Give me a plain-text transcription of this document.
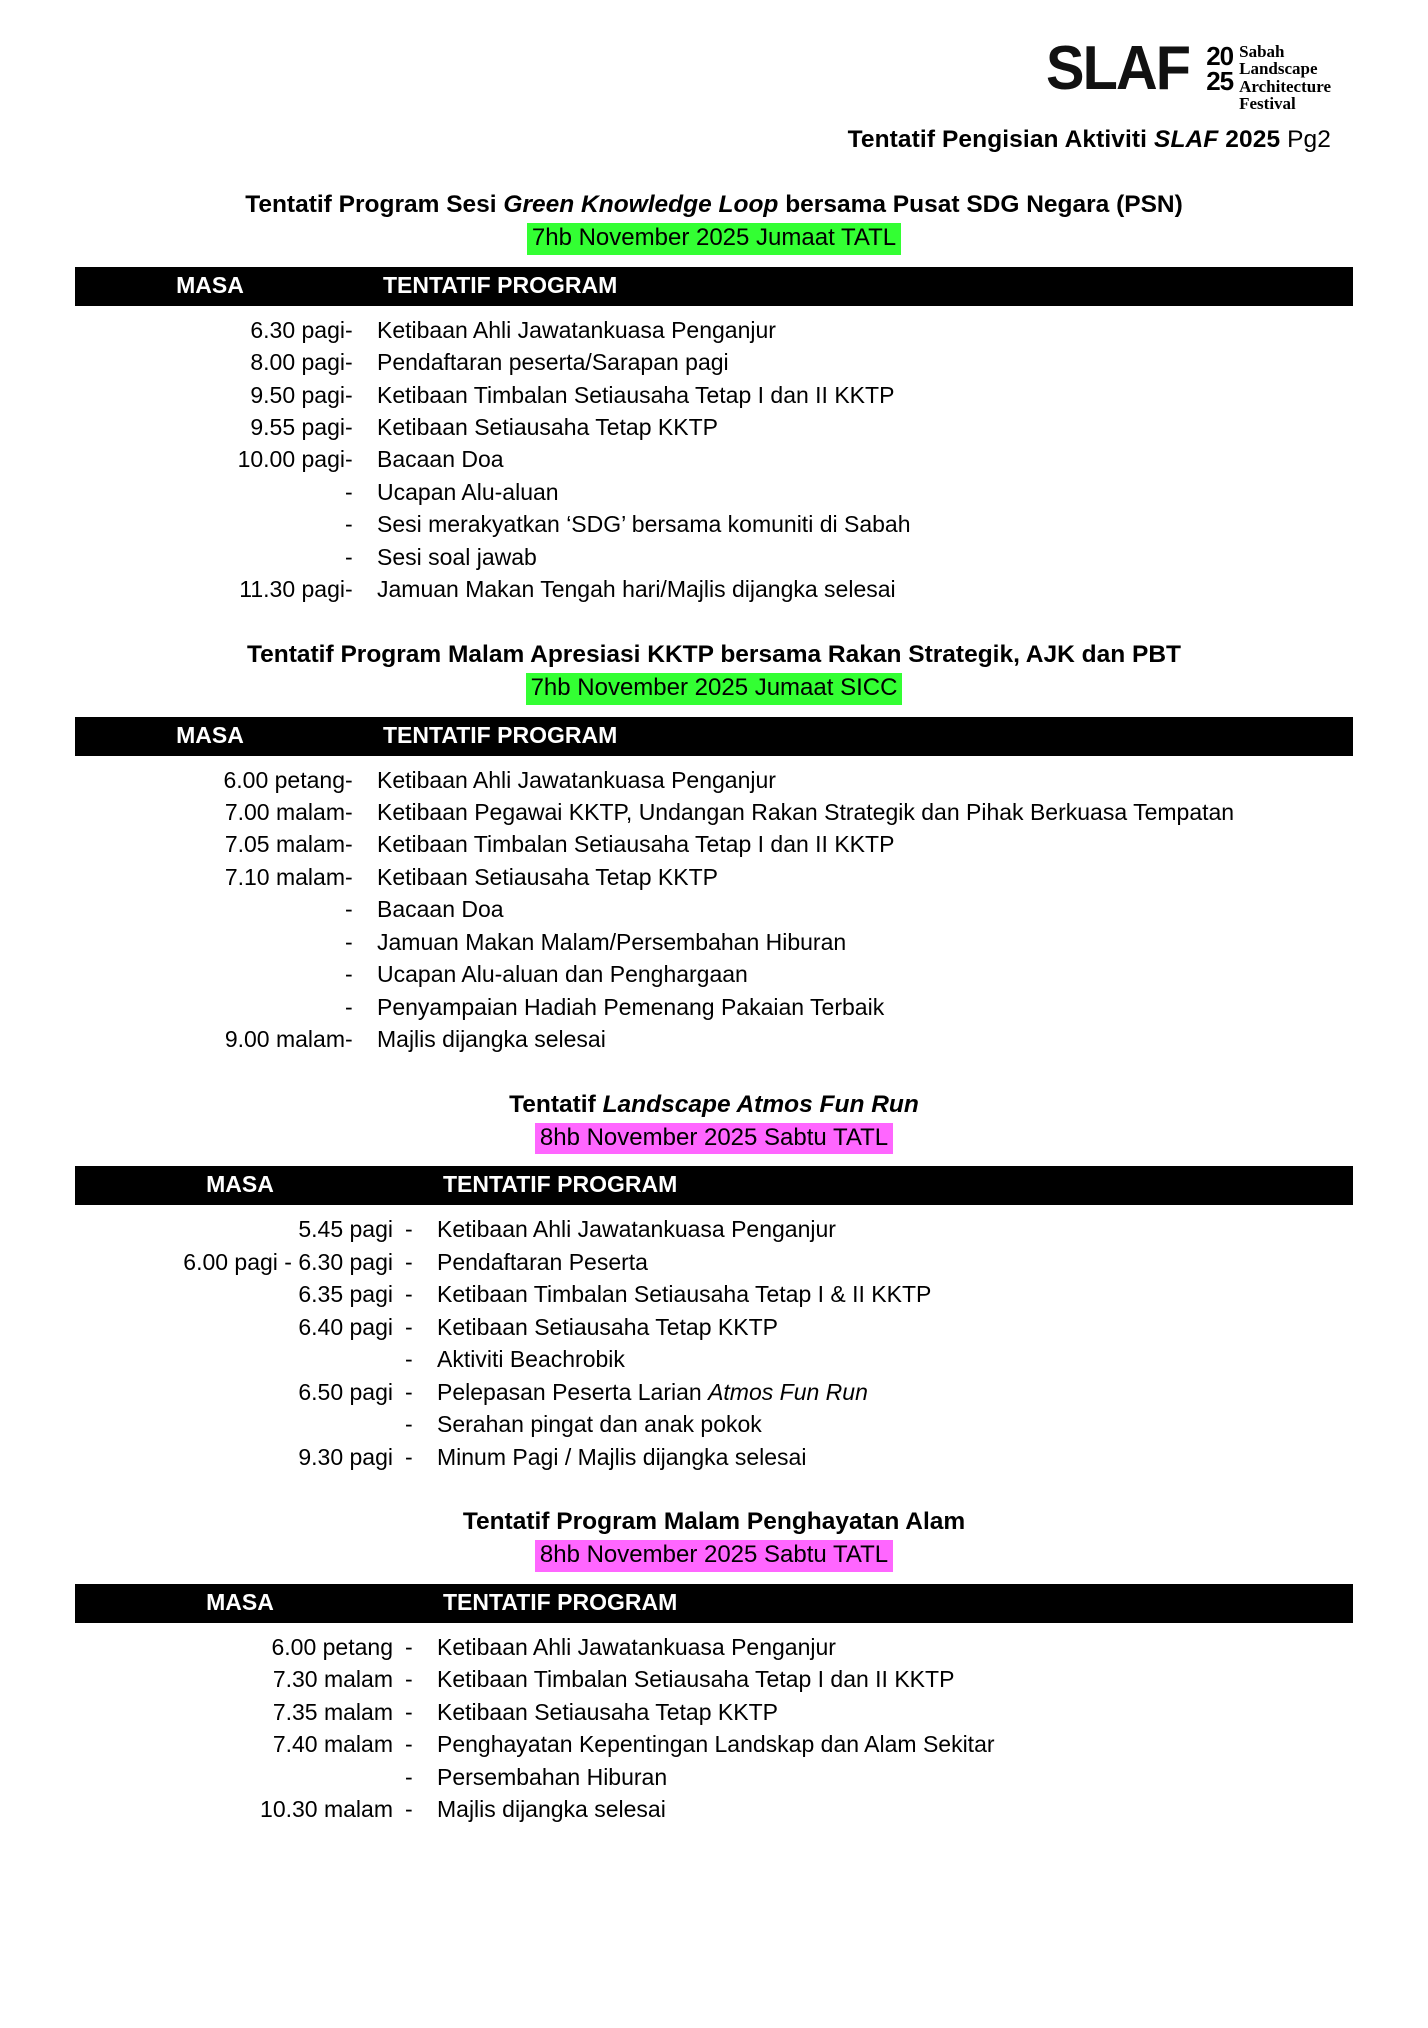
SLAF 20
25
Sabah
Landscape
Architecture
Festival
Tentatif Pengisian Aktiviti SLAF 2025 Pg2
Tentatif Program Sesi Green Knowledge Loop bersama Pusat SDG Negara (PSN)
7hb November 2025 Jumaat TATL
MASA		TENTATIF PROGRAM
6.30 pagi	-	Ketibaan Ahli Jawatankuasa Penganjur
8.00 pagi	-	Pendaftaran peserta/Sarapan pagi
9.50 pagi	-	Ketibaan Timbalan Setiausaha Tetap I dan II KKTP
9.55 pagi	-	Ketibaan Setiausaha Tetap KKTP
10.00 pagi	-	Bacaan Doa
	-	Ucapan Alu-aluan
	-	Sesi merakyatkan ‘SDG’ bersama komuniti di Sabah
	-	Sesi soal jawab
11.30 pagi	-	Jamuan Makan Tengah hari/Majlis dijangka selesai
Tentatif Program Malam Apresiasi KKTP bersama Rakan Strategik, AJK dan PBT
7hb November 2025 Jumaat SICC
MASA		TENTATIF PROGRAM
6.00 petang	-	Ketibaan Ahli Jawatankuasa Penganjur
7.00 malam	-	Ketibaan Pegawai KKTP, Undangan Rakan Strategik dan Pihak Berkuasa Tempatan
7.05 malam	-	Ketibaan Timbalan Setiausaha Tetap I dan II KKTP
7.10 malam	-	Ketibaan Setiausaha Tetap KKTP
	-	Bacaan Doa
	-	Jamuan Makan Malam/Persembahan Hiburan
	-	Ucapan Alu-aluan dan Penghargaan
	-	Penyampaian Hadiah Pemenang Pakaian Terbaik
9.00 malam	-	Majlis dijangka selesai
Tentatif Landscape Atmos Fun Run
8hb November 2025 Sabtu TATL
MASA		TENTATIF PROGRAM
5.45 pagi	-	Ketibaan Ahli Jawatankuasa Penganjur
6.00 pagi - 6.30 pagi	-	Pendaftaran Peserta
6.35 pagi	-	Ketibaan Timbalan Setiausaha Tetap I & II KKTP
6.40 pagi	-	Ketibaan Setiausaha Tetap KKTP
	-	Aktiviti Beachrobik
6.50 pagi	-	Pelepasan Peserta Larian Atmos Fun Run
	-	Serahan pingat dan anak pokok
9.30 pagi	-	Minum Pagi / Majlis dijangka selesai
Tentatif Program Malam Penghayatan Alam
8hb November 2025 Sabtu TATL
MASA		TENTATIF PROGRAM
6.00 petang	-	Ketibaan Ahli Jawatankuasa Penganjur
7.30 malam	-	Ketibaan Timbalan Setiausaha Tetap I dan II KKTP
7.35 malam	-	Ketibaan Setiausaha Tetap KKTP
7.40 malam	-	Penghayatan Kepentingan Landskap dan Alam Sekitar
	-	Persembahan Hiburan
10.30 malam	-	Majlis dijangka selesai
